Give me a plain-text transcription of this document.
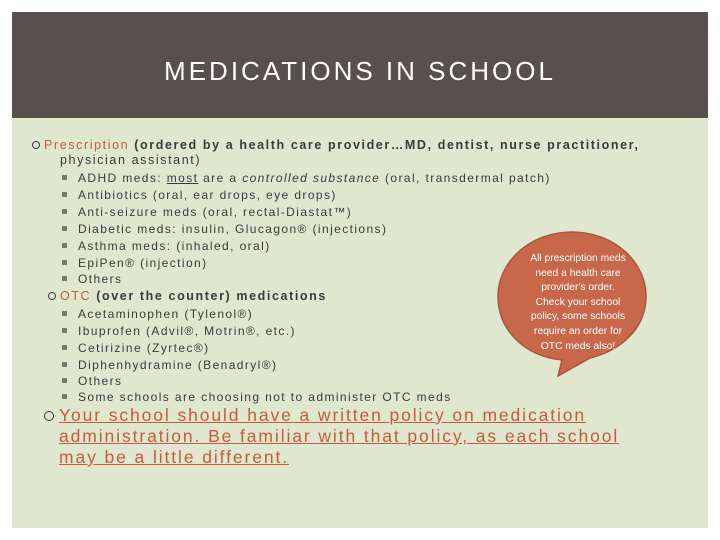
MEDICATIONS IN SCHOOL
Prescription (ordered by a health care provider…MD, dentist, nurse practitioner,
physician assistant)
ADHD meds: most are a controlled substance (oral, transdermal patch)
Antibiotics (oral, ear drops, eye drops)
Anti-seizure meds (oral, rectal-Diastat™)
Diabetic meds: insulin, Glucagon® (injections)
Asthma meds: (inhaled, oral)
EpiPen® (injection)
Others
OTC (over the counter) medications
Acetaminophen (Tylenol®)
Ibuprofen (Advil®, Motrin®, etc.)
Cetirizine (Zyrtec®)
Diphenhydramine (Benadryl®)
Others
Some schools are choosing not to administer OTC meds
Your school should have a written policy on medication
administration. Be familiar with that policy, as each school
may be a little different.
All prescription meds
need a health care
provider's order.
Check your school
policy, some schools
require an order for
OTC meds also!
